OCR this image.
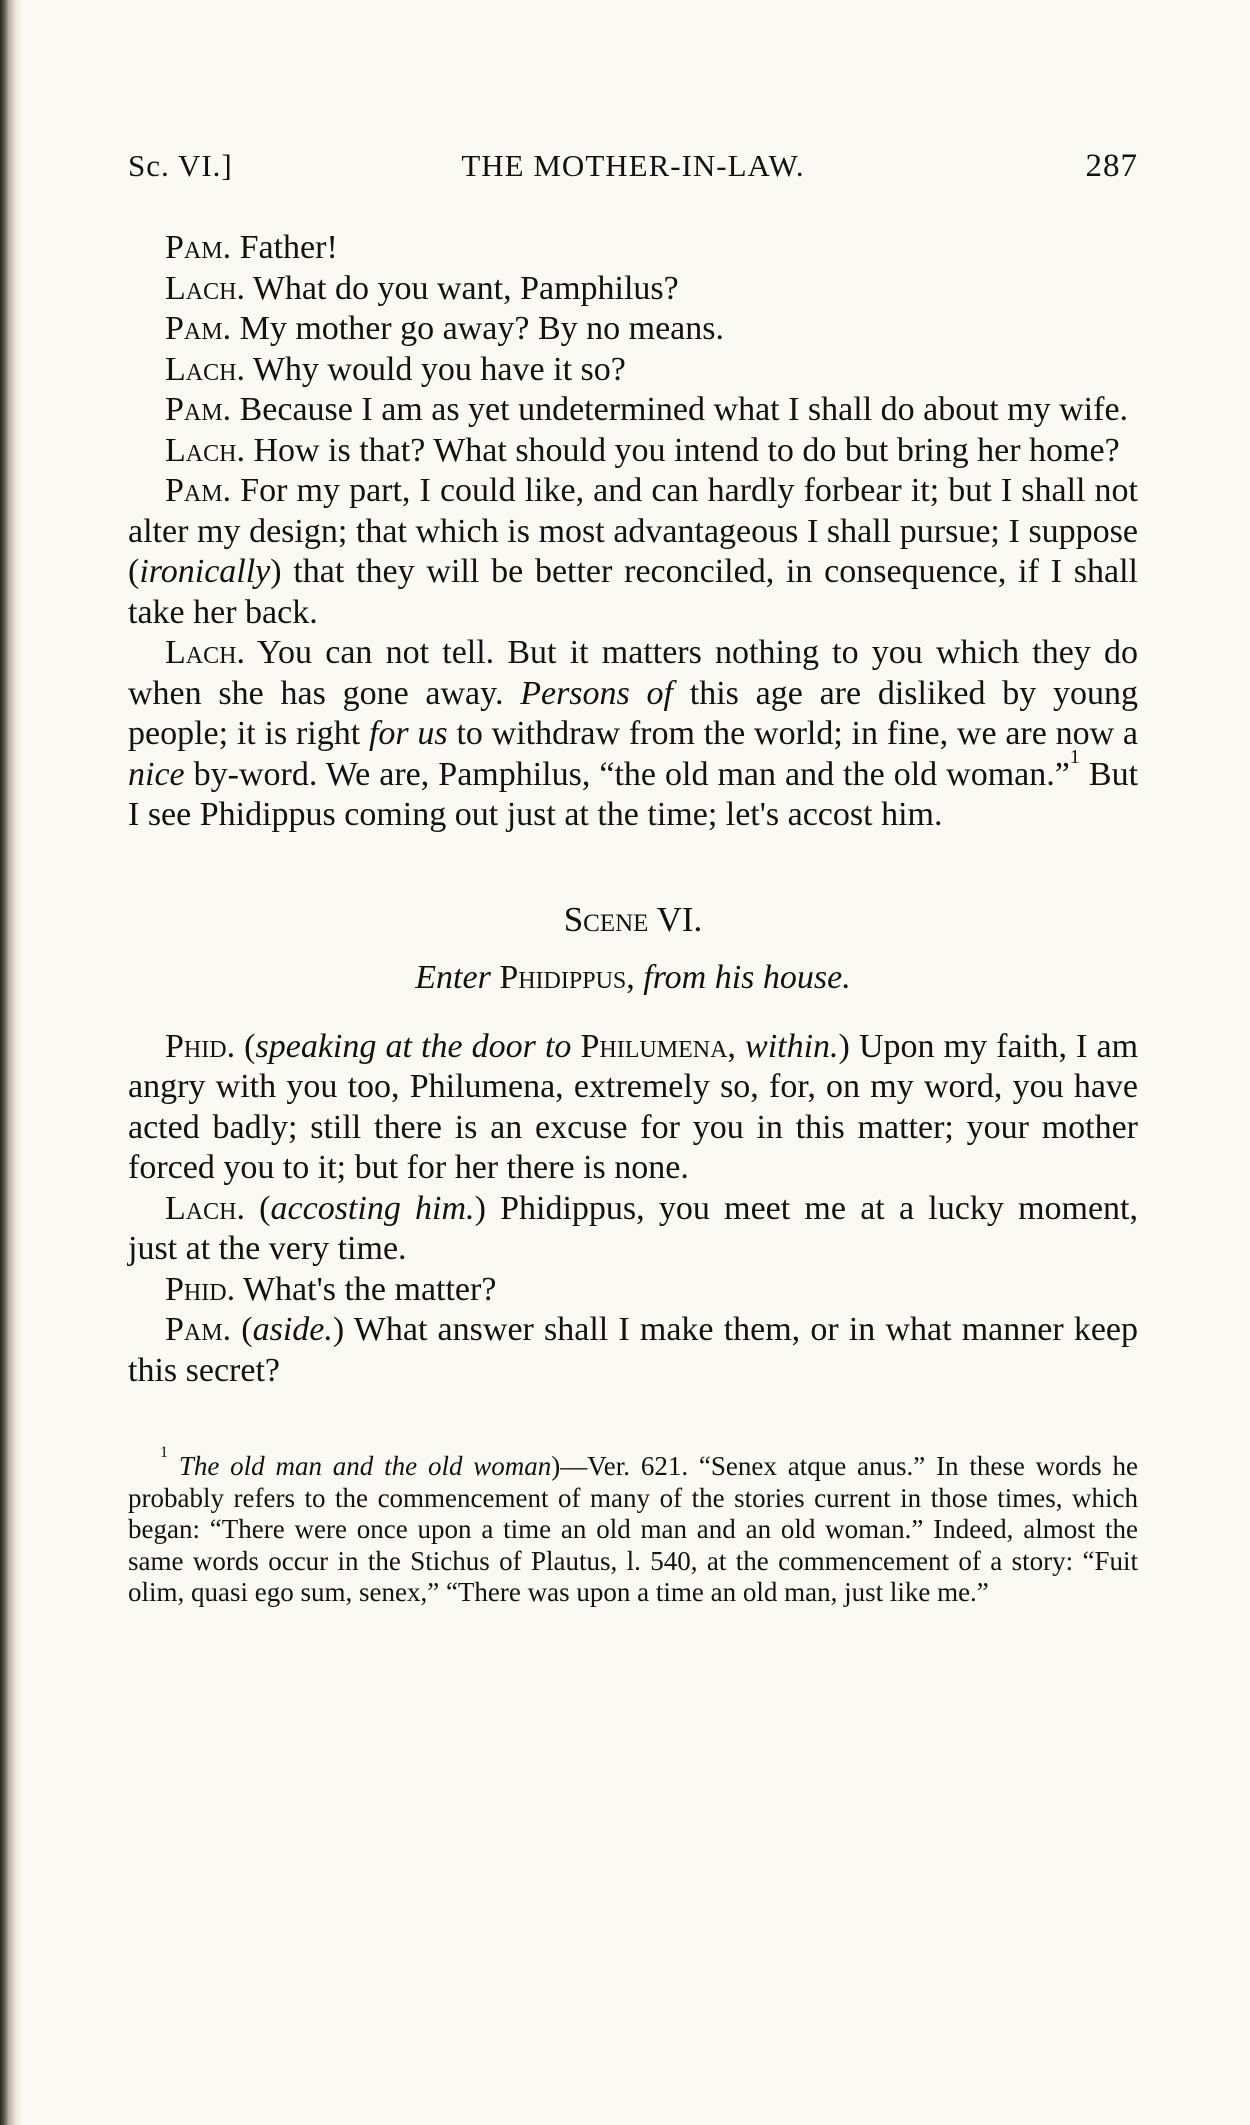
Sc. VI.]	THE MOTHER-IN-LAW.	287

Pam. Father!

Lach. What do you want, Pamphilus?

Pam. My mother go away? By no means.

Lach. Why would you have it so?

Pam. Because I am as yet undetermined what I shall do about my wife.

Lach. How is that? What should you intend to do but bring her home?

Pam. For my part, I could like, and can hardly forbear it; but I shall not alter my design; that which is most advantageous I shall pursue; I suppose (ironically) that they will be better reconciled, in consequence, if I shall take her back.

Lach. You can not tell. But it matters nothing to you which they do when she has gone away. Persons of this age are disliked by young people; it is right for us to withdraw from the world; in fine, we are now a nice by-word. We are, Pamphilus, “the old man and the old woman.”$^1$ But I see Phidippus coming out just at the time; let's accost him.

Scene VI.
Enter Phidippus, from his house.

Phid. (speaking at the door to Philumena, within.) Upon my faith, I am angry with you too, Philumena, extremely so, for, on my word, you have acted badly; still there is an excuse for you in this matter; your mother forced you to it; but for her there is none.

Lach. (accosting him.) Phidippus, you meet me at a lucky moment, just at the very time.

Phid. What's the matter?

Pam. (aside.) What answer shall I make them, or in what manner keep this secret?

$^1$ The old man and the old woman)—Ver. 621. “Senex atque anus.” In these words he probably refers to the commencement of many of the stories current in those times, which began: “There were once upon a time an old man and an old woman.” Indeed, almost the same words occur in the Stichus of Plautus, l. 540, at the commencement of a story: “Fuit olim, quasi ego sum, senex,” “There was upon a time an old man, just like me.”
